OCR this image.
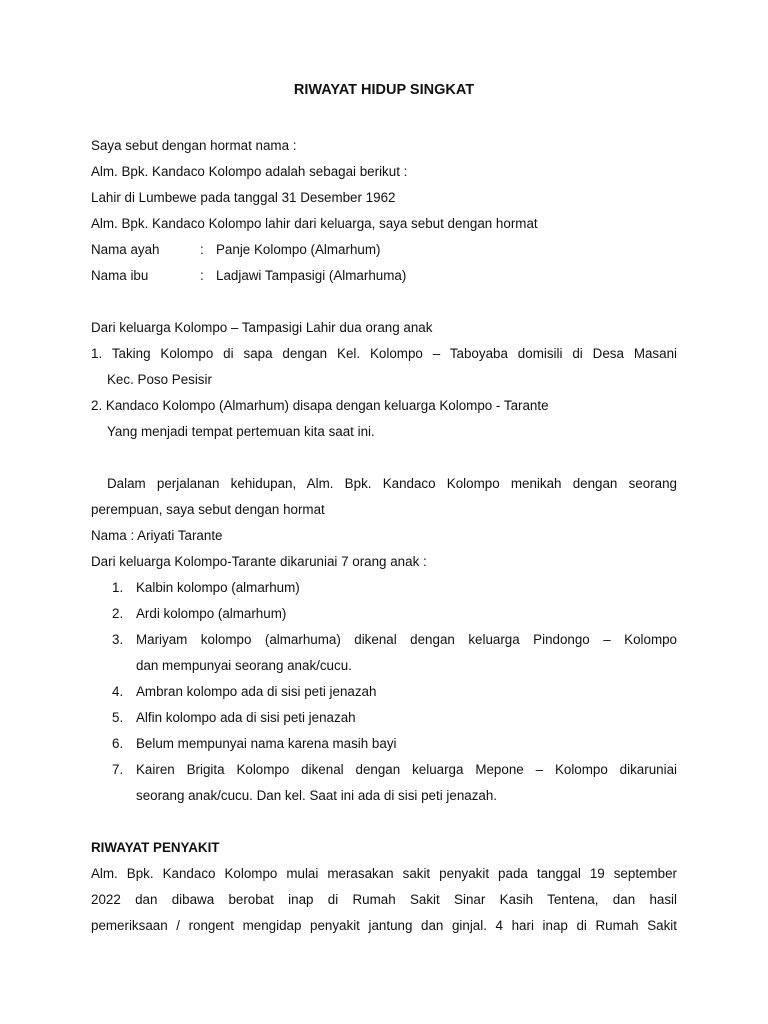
RIWAYAT HIDUP SINGKAT
Saya sebut dengan hormat nama :
Alm. Bpk. Kandaco Kolompo adalah sebagai berikut :
Lahir di Lumbewe pada tanggal 31 Desember 1962
Alm. Bpk. Kandaco Kolompo lahir dari keluarga, saya sebut dengan hormat
Nama ayah	: Panje Kolompo (Almarhum)
Nama ibu	: Ladjawi Tampasigi (Almarhuma)
Dari keluarga Kolompo – Tampasigi Lahir dua orang anak
1. Taking Kolompo di sapa dengan Kel. Kolompo – Taboyaba domisili di Desa Masani
Kec. Poso Pesisir
2. Kandaco Kolompo (Almarhum) disapa dengan keluarga Kolompo - Tarante
Yang menjadi tempat pertemuan kita saat ini.
Dalam perjalanan kehidupan, Alm. Bpk. Kandaco Kolompo menikah dengan seorang
perempuan, saya sebut dengan hormat
Nama : Ariyati Tarante
Dari keluarga Kolompo-Tarante dikaruniai 7 orang anak :
1. Kalbin kolompo (almarhum)
2. Ardi kolompo (almarhum)
3. Mariyam kolompo (almarhuma) dikenal dengan keluarga Pindongo – Kolompo
dan mempunyai seorang anak/cucu.
4. Ambran kolompo ada di sisi peti jenazah
5. Alfin kolompo ada di sisi peti jenazah
6. Belum mempunyai nama karena masih bayi
7. Kairen Brigita Kolompo dikenal dengan keluarga Mepone – Kolompo dikaruniai
seorang anak/cucu. Dan kel. Saat ini ada di sisi peti jenazah.
RIWAYAT PENYAKIT
Alm. Bpk. Kandaco Kolompo mulai merasakan sakit penyakit pada tanggal 19 september
2022 dan dibawa berobat inap di Rumah Sakit Sinar Kasih Tentena, dan hasil
pemeriksaan / rongent mengidap penyakit jantung dan ginjal. 4 hari inap di Rumah Sakit
